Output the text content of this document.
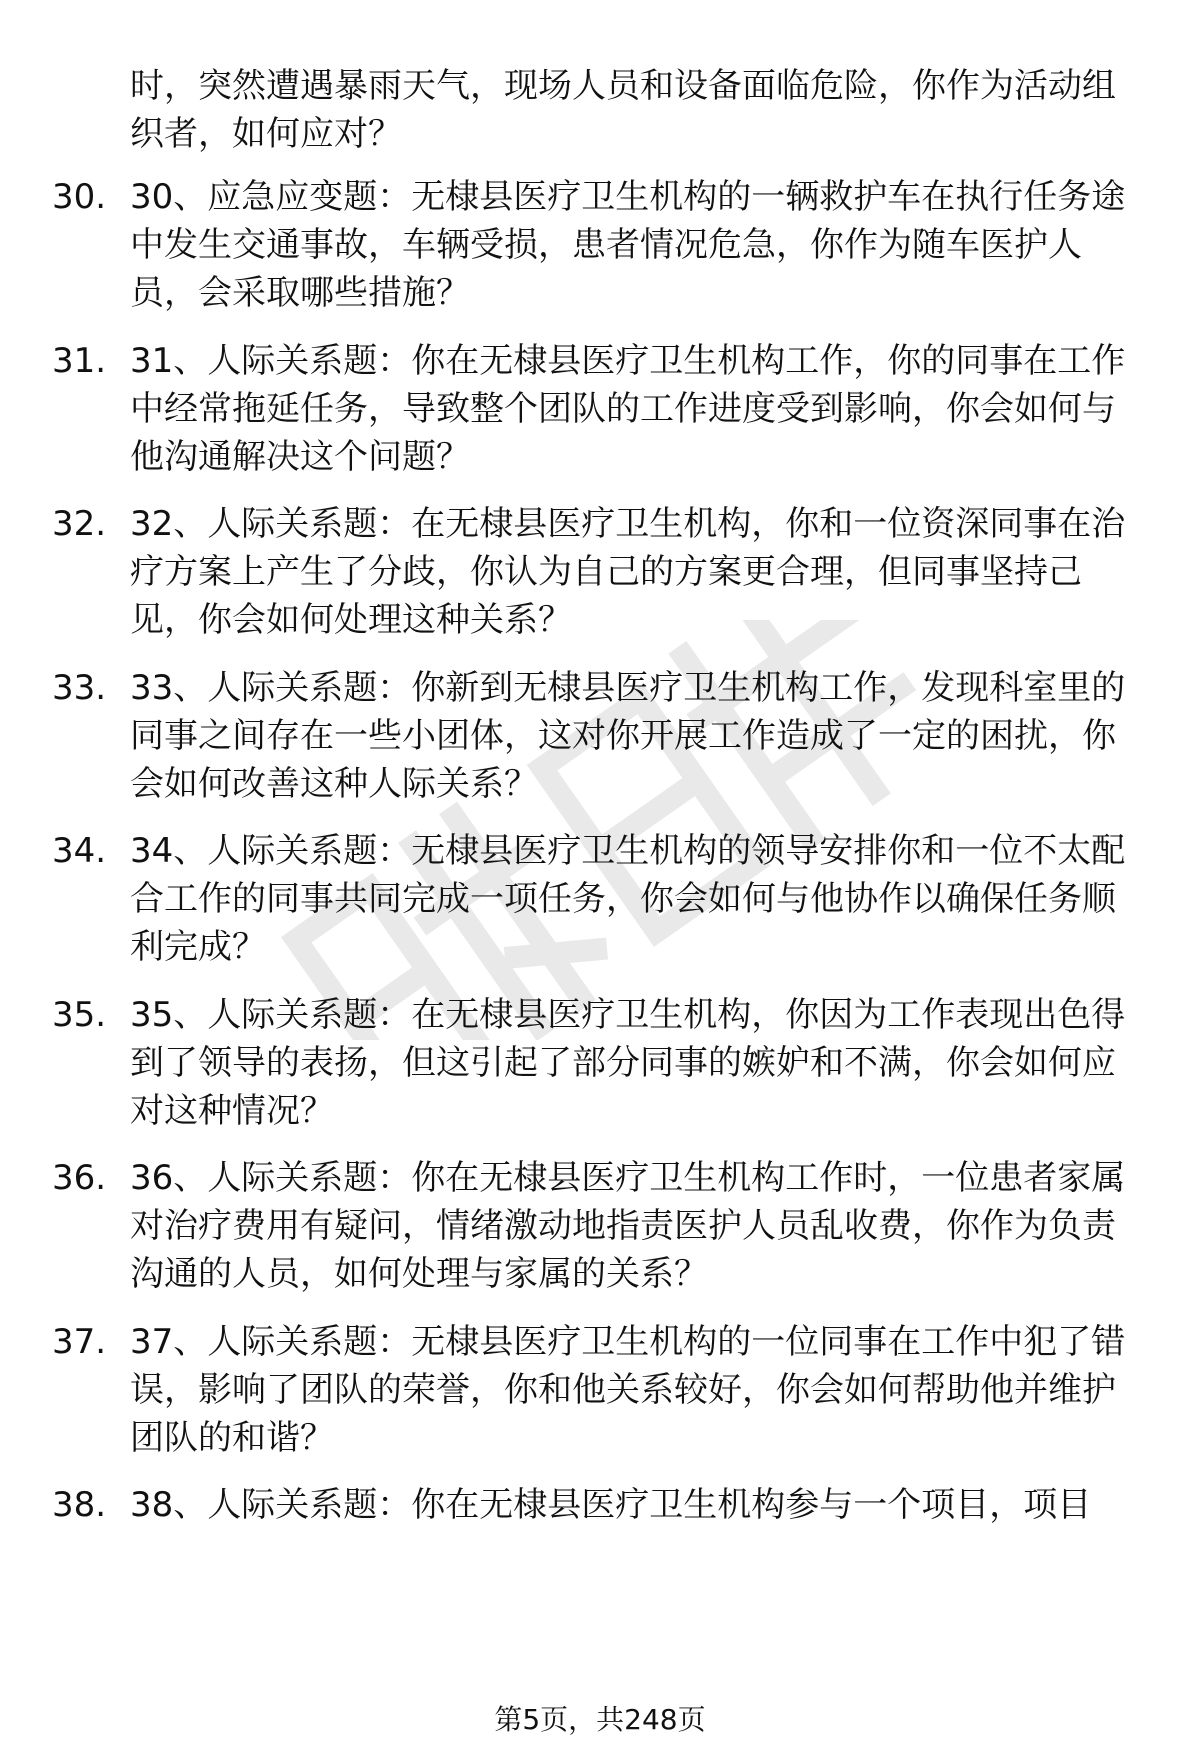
时，突然遭遇暴雨天气，现场人员和设备面临危险，你作为活动组织者，如何应对？
30. 30、应急应变题：无棣县医疗卫生机构的一辆救护车在执行任务途中发生交通事故，车辆受损，患者情况危急，你作为随车医护人员，会采取哪些措施？
31. 31、人际关系题：你在无棣县医疗卫生机构工作，你的同事在工作中经常拖延任务，导致整个团队的工作进度受到影响，你会如何与他沟通解决这个问题？
32. 32、人际关系题：在无棣县医疗卫生机构，你和一位资深同事在治疗方案上产生了分歧，你认为自己的方案更合理，但同事坚持己见，你会如何处理这种关系？
33. 33、人际关系题：你新到无棣县医疗卫生机构工作，发现科室里的同事之间存在一些小团体，这对你开展工作造成了一定的困扰，你会如何改善这种人际关系？
34. 34、人际关系题：无棣县医疗卫生机构的领导安排你和一位不太配合工作的同事共同完成一项任务，你会如何与他协作以确保任务顺利完成？
35. 35、人际关系题：在无棣县医疗卫生机构，你因为工作表现出色得到了领导的表扬，但这引起了部分同事的嫉妒和不满，你会如何应对这种情况？
36. 36、人际关系题：你在无棣县医疗卫生机构工作时，一位患者家属对治疗费用有疑问，情绪激动地指责医护人员乱收费，你作为负责沟通的人员，如何处理与家属的关系？
37. 37、人际关系题：无棣县医疗卫生机构的一位同事在工作中犯了错误，影响了团队的荣誉，你和他关系较好，你会如何帮助他并维护团队的和谐？
38. 38、人际关系题：你在无棣县医疗卫生机构参与一个项目，项目
第5页，共248页
